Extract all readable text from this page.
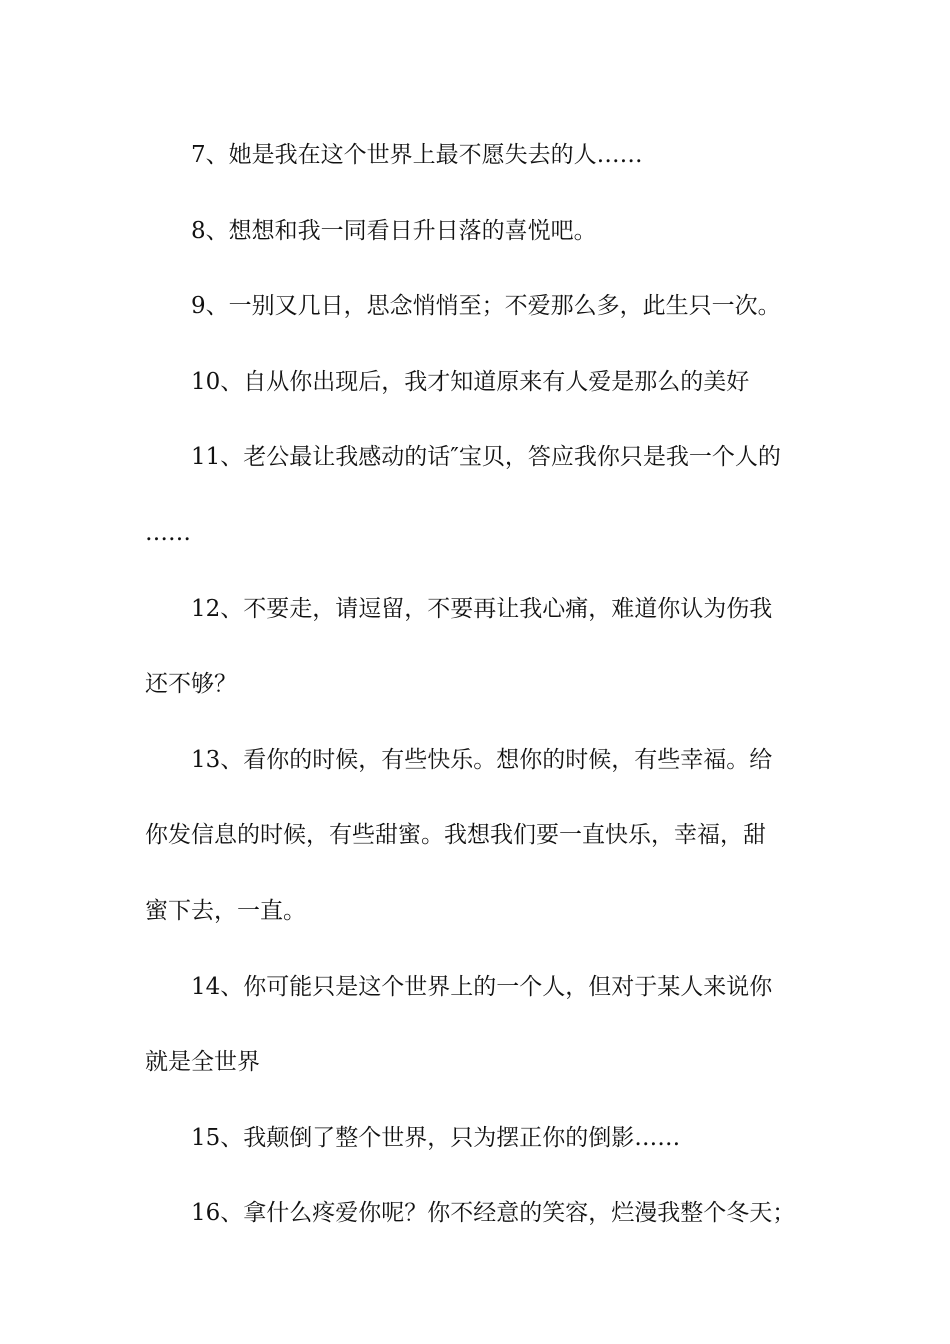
7、她是我在这个世界上最不愿失去的人……
8、想想和我一同看日升日落的喜悦吧。
9、一别又几日，思念悄悄至；不爱那么多，此生只一次。
10、自从你出现后，我才知道原来有人爱是那么的美好
11、老公最让我感动的话″宝贝，答应我你只是我一个人的
……
12、不要走，请逗留，不要再让我心痛，难道你认为伤我
还不够？
13、看你的时候，有些快乐。想你的时候，有些幸福。给
你发信息的时候，有些甜蜜。我想我们要一直快乐，幸福，甜
蜜下去，一直。
14、你可能只是这个世界上的一个人，但对于某人来说你
就是全世界
15、我颠倒了整个世界，只为摆正你的倒影……
16、拿什么疼爱你呢？你不经意的笑容，烂漫我整个冬天；
